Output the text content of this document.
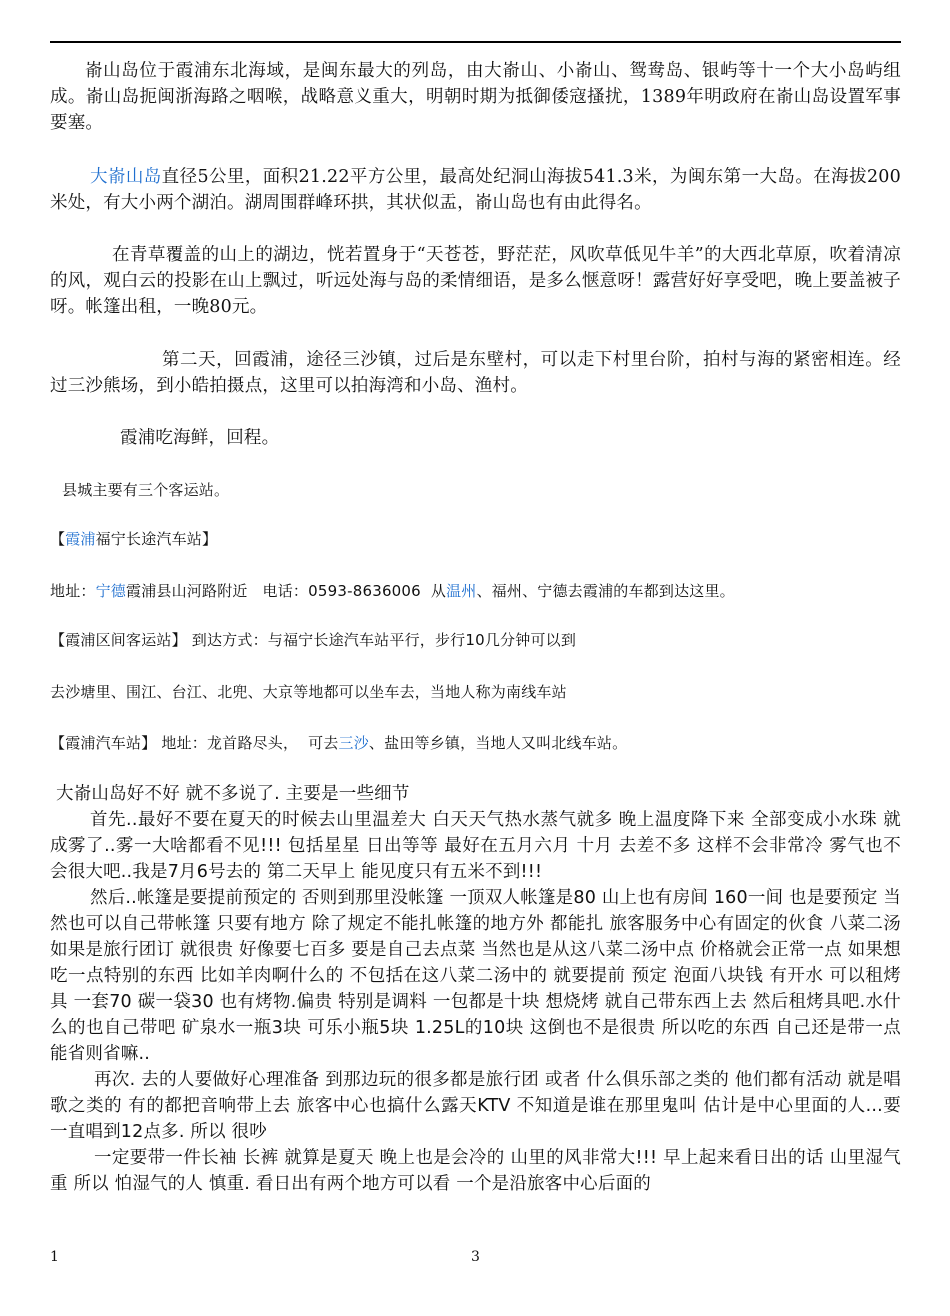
嵛山岛位于霞浦东北海域，是闽东最大的列岛，由大嵛山、小嵛山、鸳鸯岛、银屿等十一个大小岛屿组成。嵛山岛扼闽浙海路之咽喉，战略意义重大，明朝时期为抵御倭寇搔扰，1389年明政府在嵛山岛设置军事要塞。

大嵛山岛直径5公里，面积21.22平方公里，最高处纪洞山海拔541.3米，为闽东第一大岛。在海拔200米处，有大小两个湖泊。湖周围群峰环拱，其状似盂，嵛山岛也有由此得名。

在青草覆盖的山上的湖边，恍若置身于“天苍苍，野茫茫，风吹草低见牛羊”的大西北草原，吹着清凉的风，观白云的投影在山上飘过，听远处海与岛的柔情细语，是多么惬意呀！露营好好享受吧，晚上要盖被子呀。帐篷出租，一晚80元。

第二天，回霞浦，途径三沙镇，过后是东壁村，可以走下村里台阶，拍村与海的紧密相连。经过三沙熊场，到小皓拍摄点，这里可以拍海湾和小岛、渔村。

霞浦吃海鲜，回程。

县城主要有三个客运站。

【霞浦福宁长途汽车站】

地址：宁德霞浦县山河路附近   电话：0593-8636006  从温州、福州、宁德去霞浦的车都到达这里。

【霞浦区间客运站】 到达方式：与福宁长途汽车站平行，步行10几分钟可以到

去沙塘里、围江、台江、北兜、大京等地都可以坐车去，当地人称为南线车站

【霞浦汽车站】 地址：龙首路尽头，  可去三沙、盐田等乡镇，当地人又叫北线车站。

大嵛山岛好不好 就不多说了. 主要是一些细节

首先..最好不要在夏天的时候去山里温差大 白天天气热水蒸气就多 晚上温度降下来 全部变成小水珠 就成雾了..雾一大啥都看不见!!! 包括星星 日出等等 最好在五月六月 十月 去差不多 这样不会非常冷 雾气也不会很大吧..我是7月6号去的 第二天早上 能见度只有五米不到!!!

然后..帐篷是要提前预定的 否则到那里没帐篷 一顶双人帐篷是80 山上也有房间 160一间 也是要预定 当然也可以自己带帐篷 只要有地方 除了规定不能扎帐篷的地方外 都能扎 旅客服务中心有固定的伙食 八菜二汤 如果是旅行团订 就很贵 好像要七百多 要是自己去点菜 当然也是从这八菜二汤中点 价格就会正常一点 如果想吃一点特别的东西 比如羊肉啊什么的 不包括在这八菜二汤中的 就要提前 预定 泡面八块钱 有开水 可以租烤具 一套70 碳一袋30 也有烤物.偏贵 特别是调料 一包都是十块 想烧烤 就自己带东西上去 然后租烤具吧.水什么的也自己带吧 矿泉水一瓶3块 可乐小瓶5块 1.25L的10块 这倒也不是很贵 所以吃的东西 自己还是带一点 能省则省嘛..

再次. 去的人要做好心理准备 到那边玩的很多都是旅行团 或者 什么俱乐部之类的 他们都有活动 就是唱歌之类的 有的都把音响带上去 旅客中心也搞什么露天KTV 不知道是谁在那里鬼叫 估计是中心里面的人...要一直唱到12点多. 所以 很吵

一定要带一件长袖 长裤 就算是夏天 晚上也是会冷的 山里的风非常大!!! 早上起来看日出的话 山里湿气重 所以 怕湿气的人 慎重. 看日出有两个地方可以看 一个是沿旅客中心后面的

1	3
